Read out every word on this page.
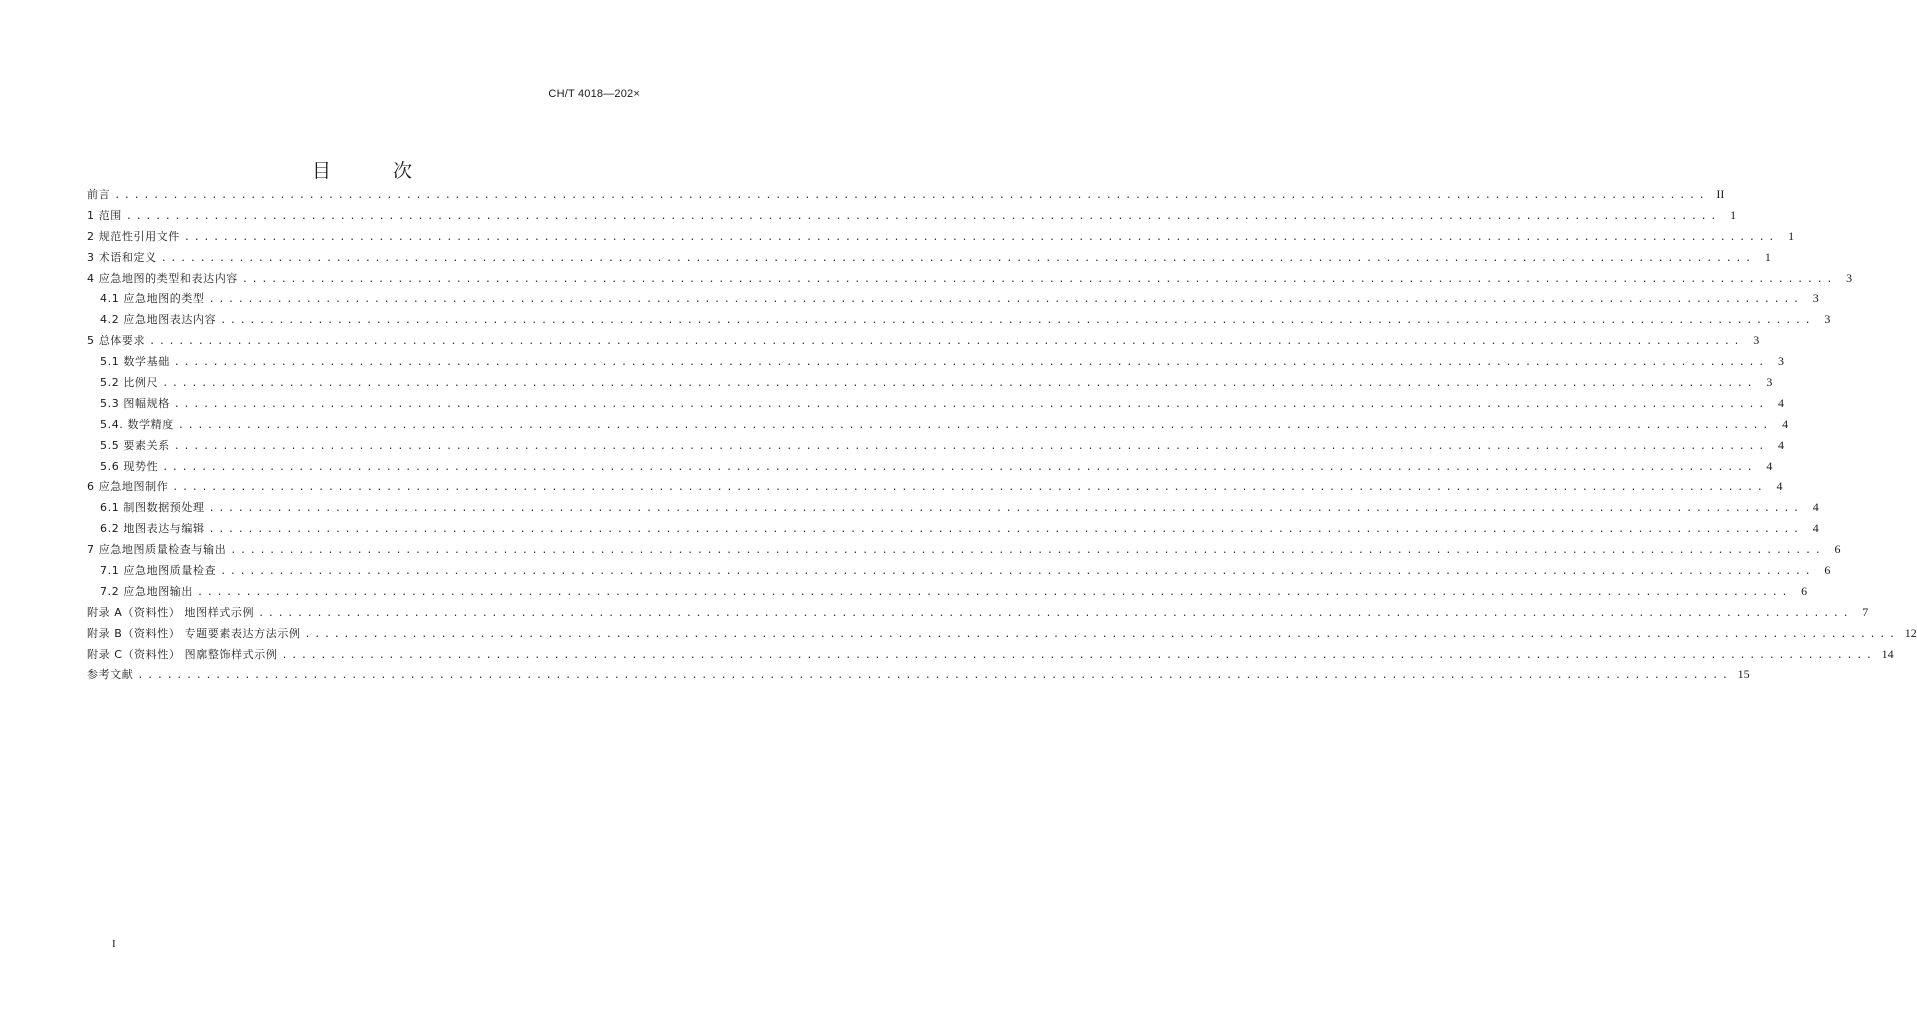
CH/T 4018—202×
目 次
前言 .................................................................................................................................................................... II
1 范围 .................................................................................................................................................................... 1
2 规范性引用文件 .................................................................................................................................................................... 1
3 术语和定义 .................................................................................................................................................................... 1
4 应急地图的类型和表达内容 .................................................................................................................................................................... 3
4.1 应急地图的类型 .................................................................................................................................................................... 3
4.2 应急地图表达内容 .................................................................................................................................................................... 3
5 总体要求 .................................................................................................................................................................... 3
5.1 数学基础 .................................................................................................................................................................... 3
5.2 比例尺 .................................................................................................................................................................... 3
5.3 图幅规格 .................................................................................................................................................................... 4
5.4. 数学精度 .................................................................................................................................................................... 4
5.5 要素关系 .................................................................................................................................................................... 4
5.6 现势性 .................................................................................................................................................................... 4
6 应急地图制作 .................................................................................................................................................................... 4
6.1 制图数据预处理 .................................................................................................................................................................... 4
6.2 地图表达与编辑 .................................................................................................................................................................... 4
7 应急地图质量检查与输出 .................................................................................................................................................................... 6
7.1 应急地图质量检查 .................................................................................................................................................................... 6
7.2 应急地图输出 .................................................................................................................................................................... 6
附录 A（资料性） 地图样式示例 .................................................................................................................................................................... 7
附录 B（资料性） 专题要素表达方法示例 .................................................................................................................................................................... 12
附录 C（资料性） 图廓整饰样式示例 .................................................................................................................................................................... 14
参考文献 .................................................................................................................................................................... 15
I
